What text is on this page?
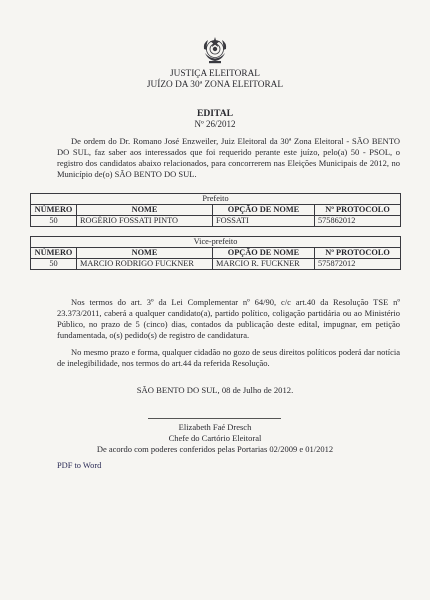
JUSTIÇA ELEITORAL
JUÍZO DA 30ª ZONA ELEITORAL
EDITAL
Nº 26/2012
De ordem do Dr. Romano José Enzweiler, Juiz Eleitoral da 30ª Zona Eleitoral - SÃO BENTO DO SUL, faz saber aos interessados que foi requerido perante este juízo, pelo(a) 50 - PSOL, o registro dos candidatos abaixo relacionados, para concorrerem nas Eleições Municipais de 2012, no Município de(o) SÃO BENTO DO SUL.
Prefeito			
NÚMERO	NOME	OPÇÃO DE NOME	Nº PROTOCOLO
50	ROGÉRIO FOSSATI PINTO	FOSSATI	575862012
Vice-prefeito			
NÚMERO	NOME	OPÇÃO DE NOME	Nº PROTOCOLO
50	MARCIO RODRIGO FUCKNER	MARCIO R. FUCKNER	575872012
Nos termos do art. 3º da Lei Complementar nº 64/90, c/c art.40 da Resolução TSE nº 23.373/2011, caberá a qualquer candidato(a), partido político, coligação partidária ou ao Ministério Público, no prazo de 5 (cinco) dias, contados da publicação deste edital, impugnar, em petição fundamentada, o(s) pedido(s) de registro de candidatura.
No mesmo prazo e forma, qualquer cidadão no gozo de seus direitos políticos poderá dar notícia de inelegibilidade, nos termos do art.44 da referida Resolução.
SÃO BENTO DO SUL, 08 de Julho de 2012.
Elizabeth Faé Dresch
Chefe do Cartório Eleitoral
De acordo com poderes conferidos pelas Portarias 02/2009 e 01/2012
PDF to Word
